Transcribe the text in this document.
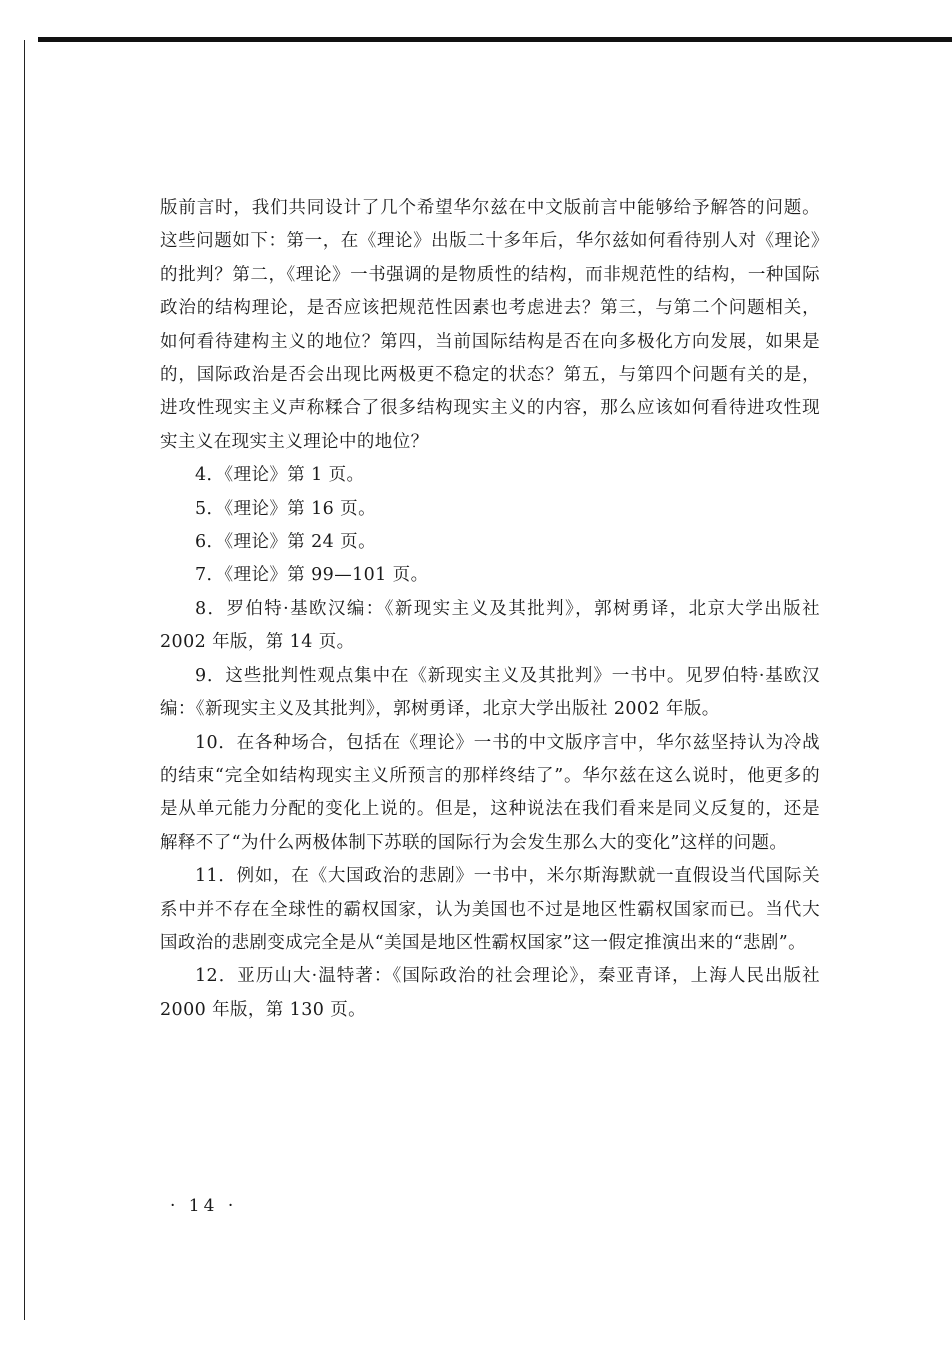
版前言时，我们共同设计了几个希望华尔兹在中文版前言中能够给予解答的问题。这些问题如下：第一，在《理论》出版二十多年后，华尔兹如何看待别人对《理论》的批判？第二，《理论》一书强调的是物质性的结构，而非规范性的结构，一种国际政治的结构理论，是否应该把规范性因素也考虑进去？第三，与第二个问题相关，如何看待建构主义的地位？第四，当前国际结构是否在向多极化方向发展，如果是的，国际政治是否会出现比两极更不稳定的状态？第五，与第四个问题有关的是，进攻性现实主义声称糅合了很多结构现实主义的内容，那么应该如何看待进攻性现实主义在现实主义理论中的地位？

4．《理论》第 1 页。

5．《理论》第 16 页。

6．《理论》第 24 页。

7．《理论》第 99—101 页。

8．罗伯特·基欧汉编：《新现实主义及其批判》，郭树勇译，北京大学出版社 2002 年版，第 14 页。

9．这些批判性观点集中在《新现实主义及其批判》一书中。见罗伯特·基欧汉编：《新现实主义及其批判》，郭树勇译，北京大学出版社 2002 年版。

10．在各种场合，包括在《理论》一书的中文版序言中，华尔兹坚持认为冷战的结束“完全如结构现实主义所预言的那样终结了”。华尔兹在这么说时，他更多的是从单元能力分配的变化上说的。但是，这种说法在我们看来是同义反复的，还是解释不了“为什么两极体制下苏联的国际行为会发生那么大的变化”这样的问题。

11．例如，在《大国政治的悲剧》一书中，米尔斯海默就一直假设当代国际关系中并不存在全球性的霸权国家，认为美国也不过是地区性霸权国家而已。当代大国政治的悲剧变成完全是从“美国是地区性霸权国家”这一假定推演出来的“悲剧”。

12．亚历山大·温特著：《国际政治的社会理论》，秦亚青译，上海人民出版社 2000 年版，第 130 页。

· 14 ·
